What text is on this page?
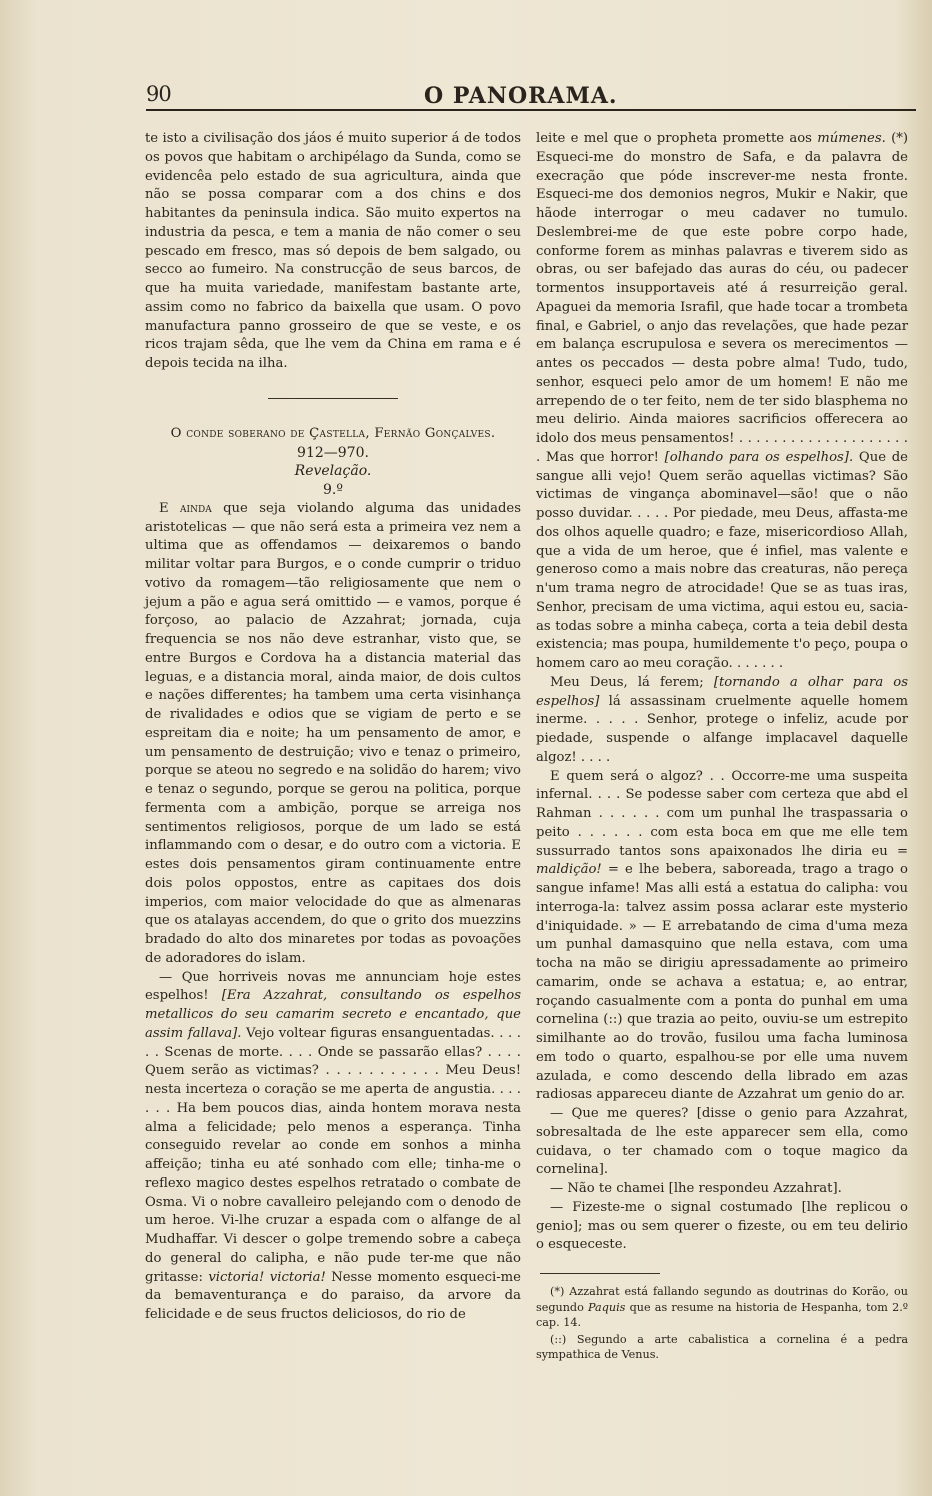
90	O PANORAMA.

te isto a civilisação dos jáos é muito superior á de todos os povos que habitam o archipélago da Sunda, como se evidencêa pelo estado de sua agricultura, ainda que não se possa comparar com a dos chins e dos habitantes da peninsula indica. São muito expertos na industria da pesca, e tem a mania de não comer o seu pescado em fresco, mas só depois de bem salgado, ou secco ao fumeiro. Na construcção de seus barcos, de que ha muita variedade, manifestam bastante arte, assim como no fabrico da baixella que usam. O povo manufactura panno grosseiro de que se veste, e os ricos trajam sêda, que lhe vem da China em rama e é depois tecida na ilha.

O conde soberano de Çastella, Fernão Gonçalves.

912—970.

Revelação.

9.º

E ainda que seja violando alguma das unidades aristotelicas — que não será esta a primeira vez nem a ultima que as offendamos — deixaremos o bando militar voltar para Burgos, e o conde cumprir o triduo votivo da romagem—tão religiosamente que nem o jejum a pão e agua será omittido — e vamos, porque é forçoso, ao palacio de Azzahrat; jornada, cuja frequencia se nos não deve estranhar, visto que, se entre Burgos e Cordova ha a distancia material das leguas, e a distancia moral, ainda maior, de dois cultos e nações differentes; ha tambem uma certa visinhança de rivalidades e odios que se vigiam de perto e se espreitam dia e noite; ha um pensamento de amor, e um pensamento de destruição; vivo e tenaz o primeiro, porque se ateou no segredo e na solidão do harem; vivo e tenaz o segundo, porque se gerou na politica, porque fermenta com a ambição, porque se arreiga nos sentimentos religiosos, porque de um lado se está inflammando com o desar, e do outro com a victoria. E estes dois pensamentos giram continuamente entre dois polos oppostos, entre as capitaes dos dois imperios, com maior velocidade do que as almenaras que os atalayas accendem, do que o grito dos muezzins bradado do alto dos minaretes por todas as povoações de adoradores do islam.

— Que horriveis novas me annunciam hoje estes espelhos! [Era Azzahrat, consultando os espelhos metallicos do seu camarim secreto e encantado, que assim fallava]. Vejo voltear figuras ensanguentadas. . . . . . Scenas de morte. . . . Onde se passarão ellas? . . . . Quem serão as victimas? . . . . . . . . . . . Meu Deus! nesta incerteza o coração se me aperta de angustia. . . . . . . Ha bem poucos dias, ainda hontem morava nesta alma a felicidade; pelo menos a esperança. Tinha conseguido revelar ao conde em sonhos a minha affeição; tinha eu até sonhado com elle; tinha-me o reflexo magico destes espelhos retratado o combate de Osma. Vi o nobre cavalleiro pelejando com o denodo de um heroe. Vi-lhe cruzar a espada com o alfange de al Mudhaffar. Vi descer o golpe tremendo sobre a cabeça do general do calipha, e não pude ter-me que não gritasse: victoria! victoria! Nesse momento esqueci-me da bemaventurança e do paraiso, da arvore da felicidade e de seus fructos deliciosos, do rio de

leite e mel que o propheta promette aos múmenes. (*) Esqueci-me do monstro de Safa, e da palavra de execração que póde inscrever-me nesta fronte. Esqueci-me dos demonios negros, Mukir e Nakir, que hãode interrogar o meu cadaver no tumulo. Deslembrei-me de que este pobre corpo hade, conforme forem as minhas palavras e tiverem sido as obras, ou ser bafejado das auras do céu, ou padecer tormentos insupportaveis até á resurreição geral. Apaguei da memoria Israfil, que hade tocar a trombeta final, e Gabriel, o anjo das revelações, que hade pezar em balança escrupulosa e severa os merecimentos — antes os peccados — desta pobre alma! Tudo, tudo, senhor, esqueci pelo amor de um homem! E não me arrependo de o ter feito, nem de ter sido blasphema no meu delirio. Ainda maiores sacrificios offerecera ao idolo dos meus pensamentos! . . . . . . . . . . . . . . . . . . . . . Mas que horror! [olhando para os espelhos]. Que de sangue alli vejo! Quem serão aquellas victimas? São victimas de vingança abominavel—são! que o não posso duvidar. . . . . Por piedade, meu Deus, affasta-me dos olhos aquelle quadro; e faze, misericordioso Allah, que a vida de um heroe, que é infiel, mas valente e generoso como a mais nobre das creaturas, não pereça n'um trama negro de atrocidade! Que se as tuas iras, Senhor, precisam de uma victima, aqui estou eu, sacia-as todas sobre a minha cabeça, corta a teia debil desta existencia; mas poupa, humildemente t'o peço, poupa o homem caro ao meu coração. . . . . . .

Meu Deus, lá ferem; [tornando a olhar para os espelhos] lá assassinam cruelmente aquelle homem inerme. . . . . Senhor, protege o infeliz, acude por piedade, suspende o alfange implacavel daquelle algoz! . . . .

E quem será o algoz? . . Occorre-me uma suspeita infernal. . . . Se podesse saber com certeza que abd el Rahman . . . . . . com um punhal lhe traspassaria o peito . . . . . . com esta boca em que me elle tem sussurrado tantos sons apaixonados lhe diria eu = maldição! = e lhe bebera, saboreada, trago a trago o sangue infame! Mas alli está a estatua do calipha: vou interroga-la: talvez assim possa aclarar este mysterio d'iniquidade. » — E arrebatando de cima d'uma meza um punhal damasquino que nella estava, com uma tocha na mão se dirigiu apressadamente ao primeiro camarim, onde se achava a estatua; e, ao entrar, roçando casualmente com a ponta do punhal em uma cornelina (::) que trazia ao peito, ouviu-se um estrepito similhante ao do trovão, fusilou uma facha luminosa em todo o quarto, espalhou-se por elle uma nuvem azulada, e como descendo della librado em azas radiosas appareceu diante de Azzahrat um genio do ar.

— Que me queres? [disse o genio para Azzahrat, sobresaltada de lhe este apparecer sem ella, como cuidava, o ter chamado com o toque magico da cornelina].

— Não te chamei [lhe respondeu Azzahrat].

— Fizeste-me o signal costumado [lhe replicou o genio]; mas ou sem querer o fizeste, ou em teu delirio o esqueceste.

(*) Azzahrat está fallando segundo as doutrinas do Korão, ou segundo Paquis que as resume na historia de Hespanha, tom 2.º cap. 14.

(::) Segundo a arte cabalistica a cornelina é a pedra sympathica de Venus.
